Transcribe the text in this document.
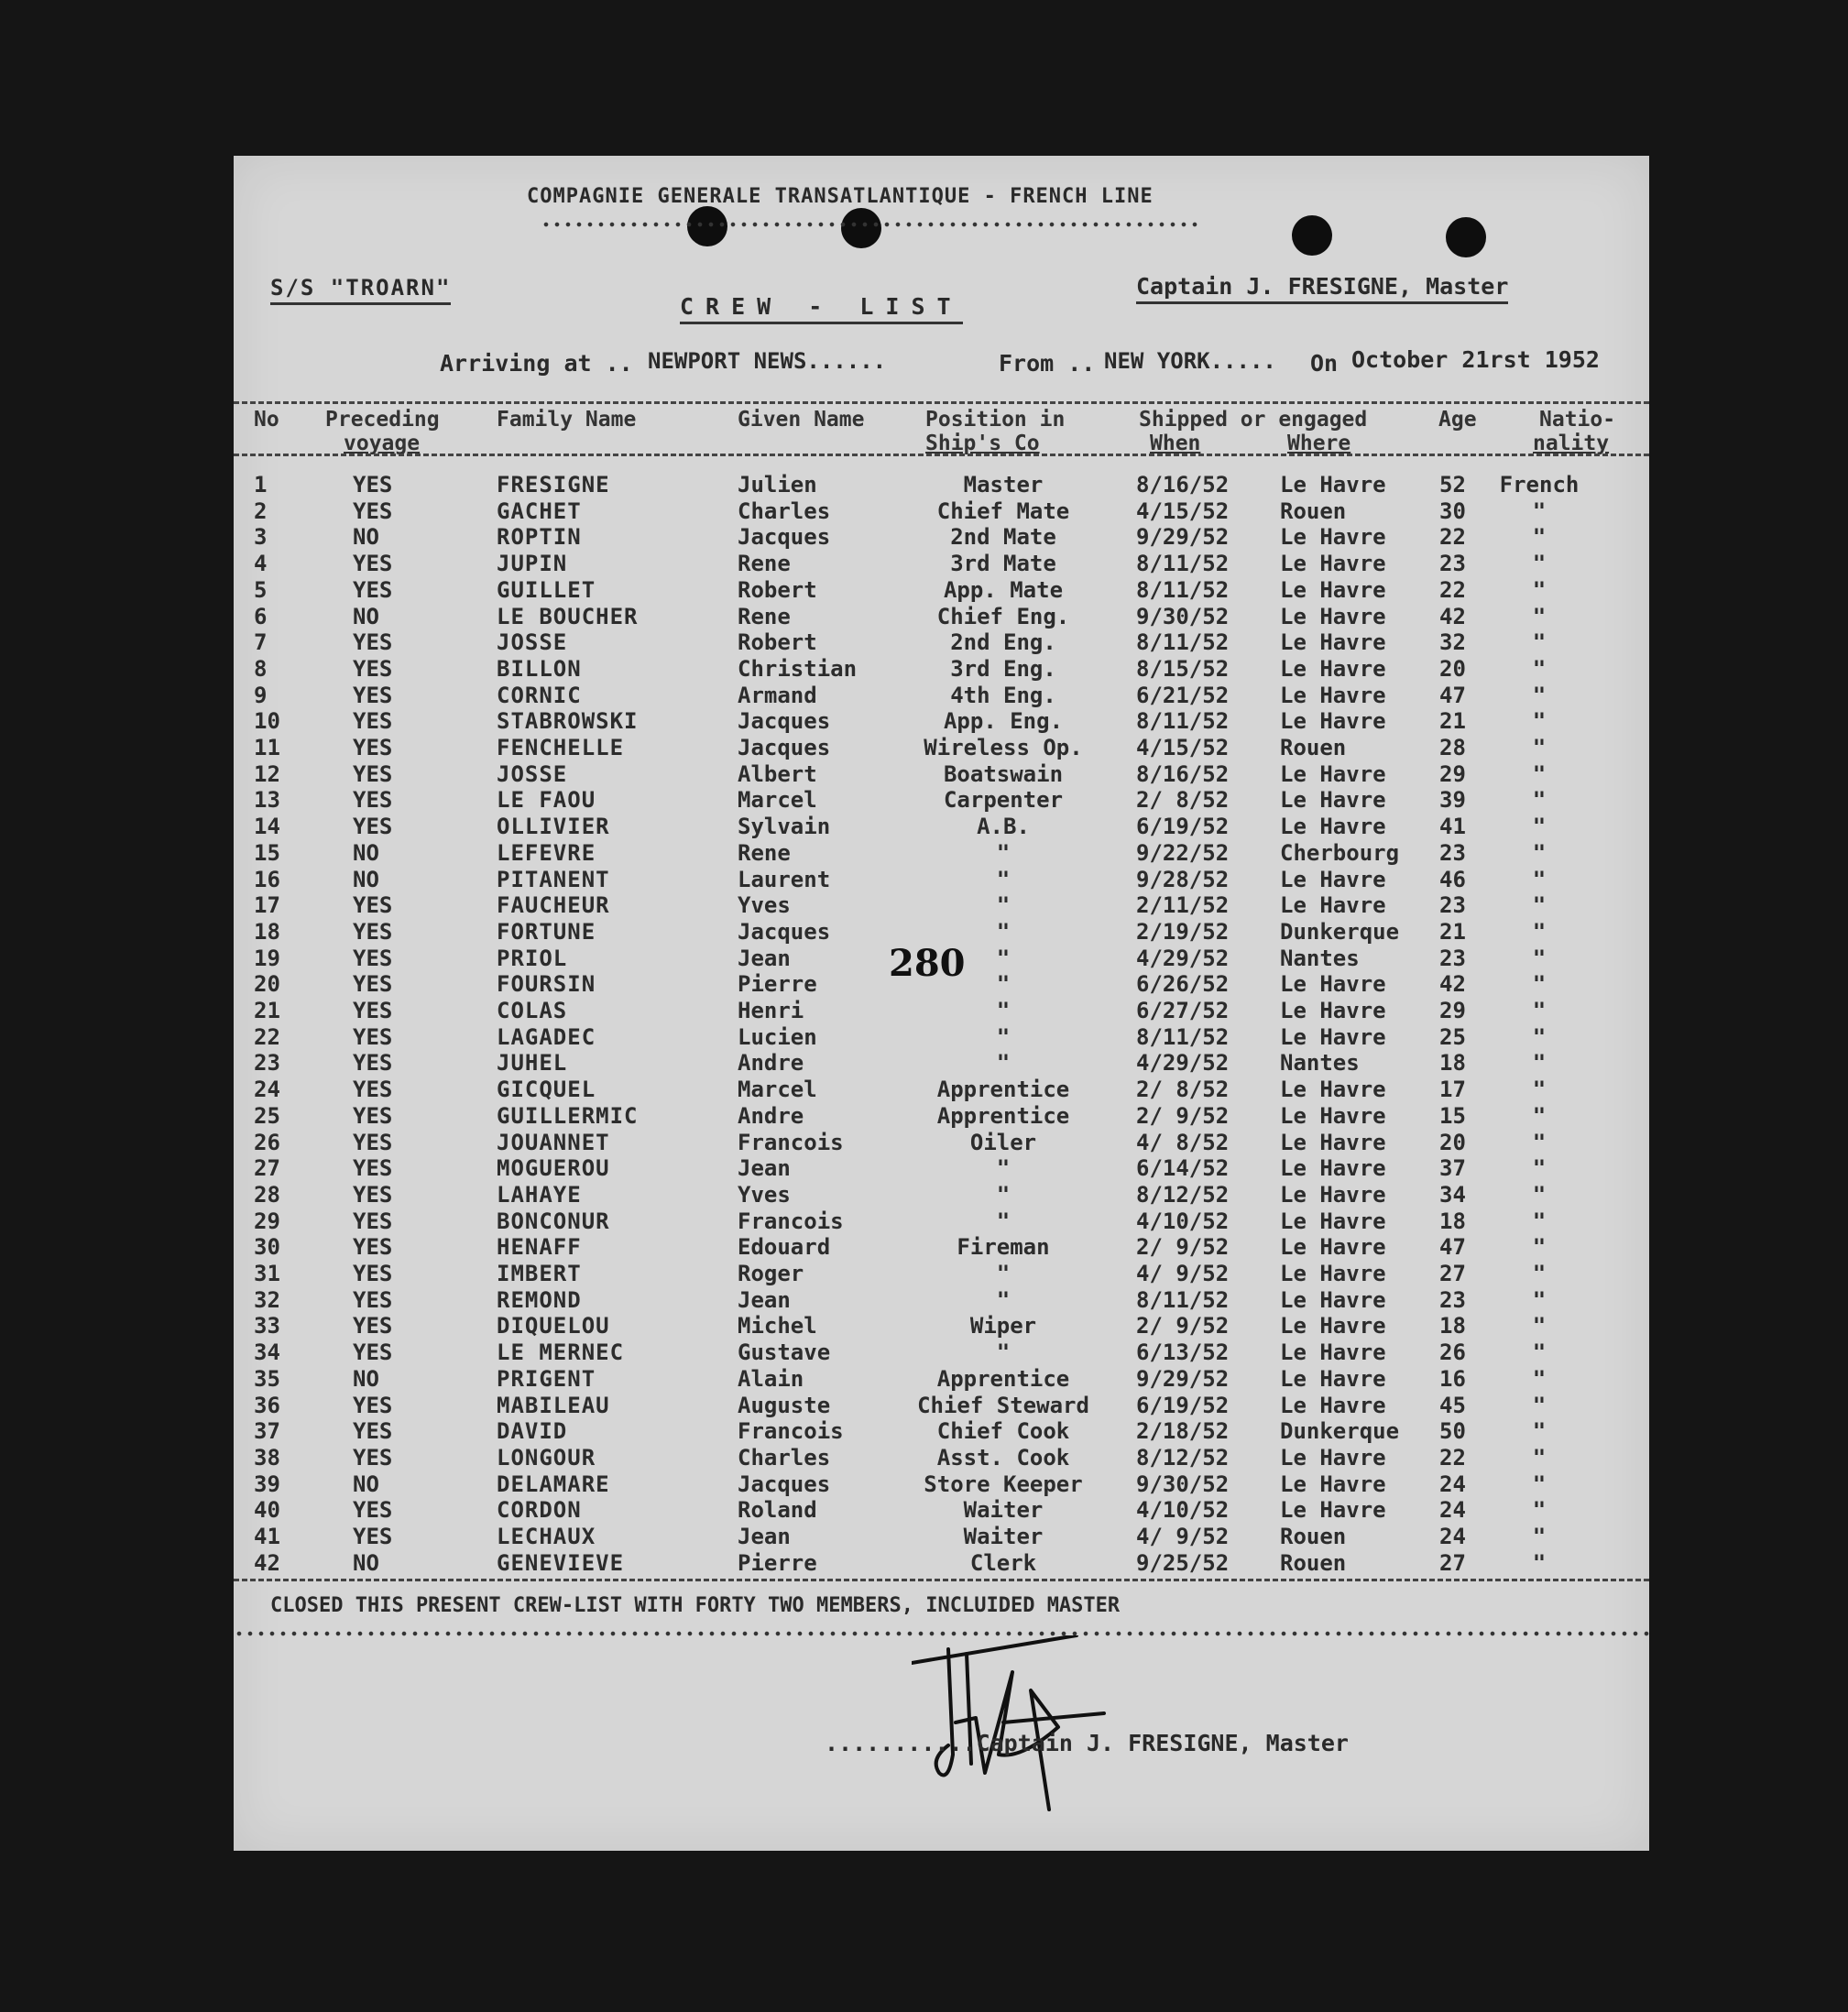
COMPAGNIE GENERALE TRANSATLANTIQUE - FRENCH LINE
S/S "TROARN"	Captain J. FRESIGNE, Master
CREW - LIST
Arriving at .. NEWPORT NEWS......	From .. NEW YORK..... On October 21rst 1952
No Preceding
voyage
Family Name	Given Name	Position in
Ship's Co
Shipped or engaged
When	Where
Age	Natio-
nality
1	YES	FRESIGNE	Julien	Master	8/16/52 Le Havre 52	French
2	YES	GACHET	Charles	Chief Mate	4/15/52 Rouen	30	"
3	NO	ROPTIN	Jacques	2nd Mate	9/29/52 Le Havre 22	"
4	YES	JUPIN	Rene	3rd Mate	8/11/52 Le Havre 23	"
5	YES	GUILLET	Robert	App. Mate	8/11/52 Le Havre 22	"
6	NO	LE BOUCHER	Rene	Chief Eng.	9/30/52 Le Havre 42	"
7	YES	JOSSE	Robert	2nd Eng.	8/11/52 Le Havre 32	"
8	YES	BILLON	Christian	3rd Eng.	8/15/52 Le Havre 20	"
9	YES	CORNIC	Armand	4th Eng.	6/21/52 Le Havre 47	"
10	YES	STABROWSKI	Jacques	App. Eng.	8/11/52 Le Havre 21	"
11	YES	FENCHELLE	Jacques	Wireless Op.	4/15/52 Rouen	28	"
12	YES	JOSSE	Albert	Boatswain	8/16/52 Le Havre 29	"
13	YES	LE FAOU	Marcel	Carpenter	2/ 8/52 Le Havre 39	"
14	YES	OLLIVIER	Sylvain	A.B.	6/19/52 Le Havre 41	"
15	NO	LEFEVRE	Rene	"	9/22/52 Cherbourg 23	"
16	NO	PITANENT	Laurent	"	9/28/52 Le Havre 46	"
17	YES	FAUCHEUR	Yves	"	2/11/52 Le Havre 23	"
18	YES	FORTUNE	Jacques	"	2/19/52 Dunkerque 21	"
19	YES	PRIOL	Jean	"	4/29/52 Nantes	23	"
20	YES	FOURSIN	Pierre	"	6/26/52 Le Havre 42	"
21	YES	COLAS	Henri	"	6/27/52 Le Havre 29	"
22	YES	LAGADEC	Lucien	"	8/11/52 Le Havre 25	"
23	YES	JUHEL	Andre	"	4/29/52 Nantes	18	"
24	YES	GICQUEL	Marcel	Apprentice	2/ 8/52 Le Havre 17	"
25	YES	GUILLERMIC	Andre	Apprentice	2/ 9/52 Le Havre 15	"
26	YES	JOUANNET	Francois	Oiler	4/ 8/52 Le Havre 20	"
27	YES	MOGUEROU	Jean	"	6/14/52 Le Havre 37	"
28	YES	LAHAYE	Yves	"	8/12/52 Le Havre 34	"
29	YES	BONCONUR	Francois	"	4/10/52 Le Havre 18	"
30	YES	HENAFF	Edouard	Fireman	2/ 9/52 Le Havre 47	"
31	YES	IMBERT	Roger	"	4/ 9/52 Le Havre 27	"
32	YES	REMOND	Jean	"	8/11/52 Le Havre 23	"
33	YES	DIQUELOU	Michel	Wiper	2/ 9/52 Le Havre 18	"
34	YES	LE MERNEC	Gustave	"	6/13/52 Le Havre 26	"
35	NO	PRIGENT	Alain	Apprentice	9/29/52 Le Havre 16	"
36	YES	MABILEAU	Auguste	Chief Steward	6/19/52 Le Havre 45	"
37	YES	DAVID	Francois	Chief Cook	2/18/52 Dunkerque 50	"
38	YES	LONGOUR	Charles	Asst. Cook	8/12/52 Le Havre 22	"
39	NO	DELAMARE	Jacques	Store Keeper	9/30/52 Le Havre 24	"
40	YES	CORDON	Roland	Waiter	4/10/52 Le Havre 24	"
41	YES	LECHAUX	Jean	Waiter	4/ 9/52 Rouen	24	"
42	NO	GENEVIEVE	Pierre	Clerk	9/25/52 Rouen	27	"
280
CLOSED THIS PRESENT CREW-LIST WITH FORTY TWO MEMBERS, INCLUIDED MASTER
...........Captain J. FRESIGNE, Master
